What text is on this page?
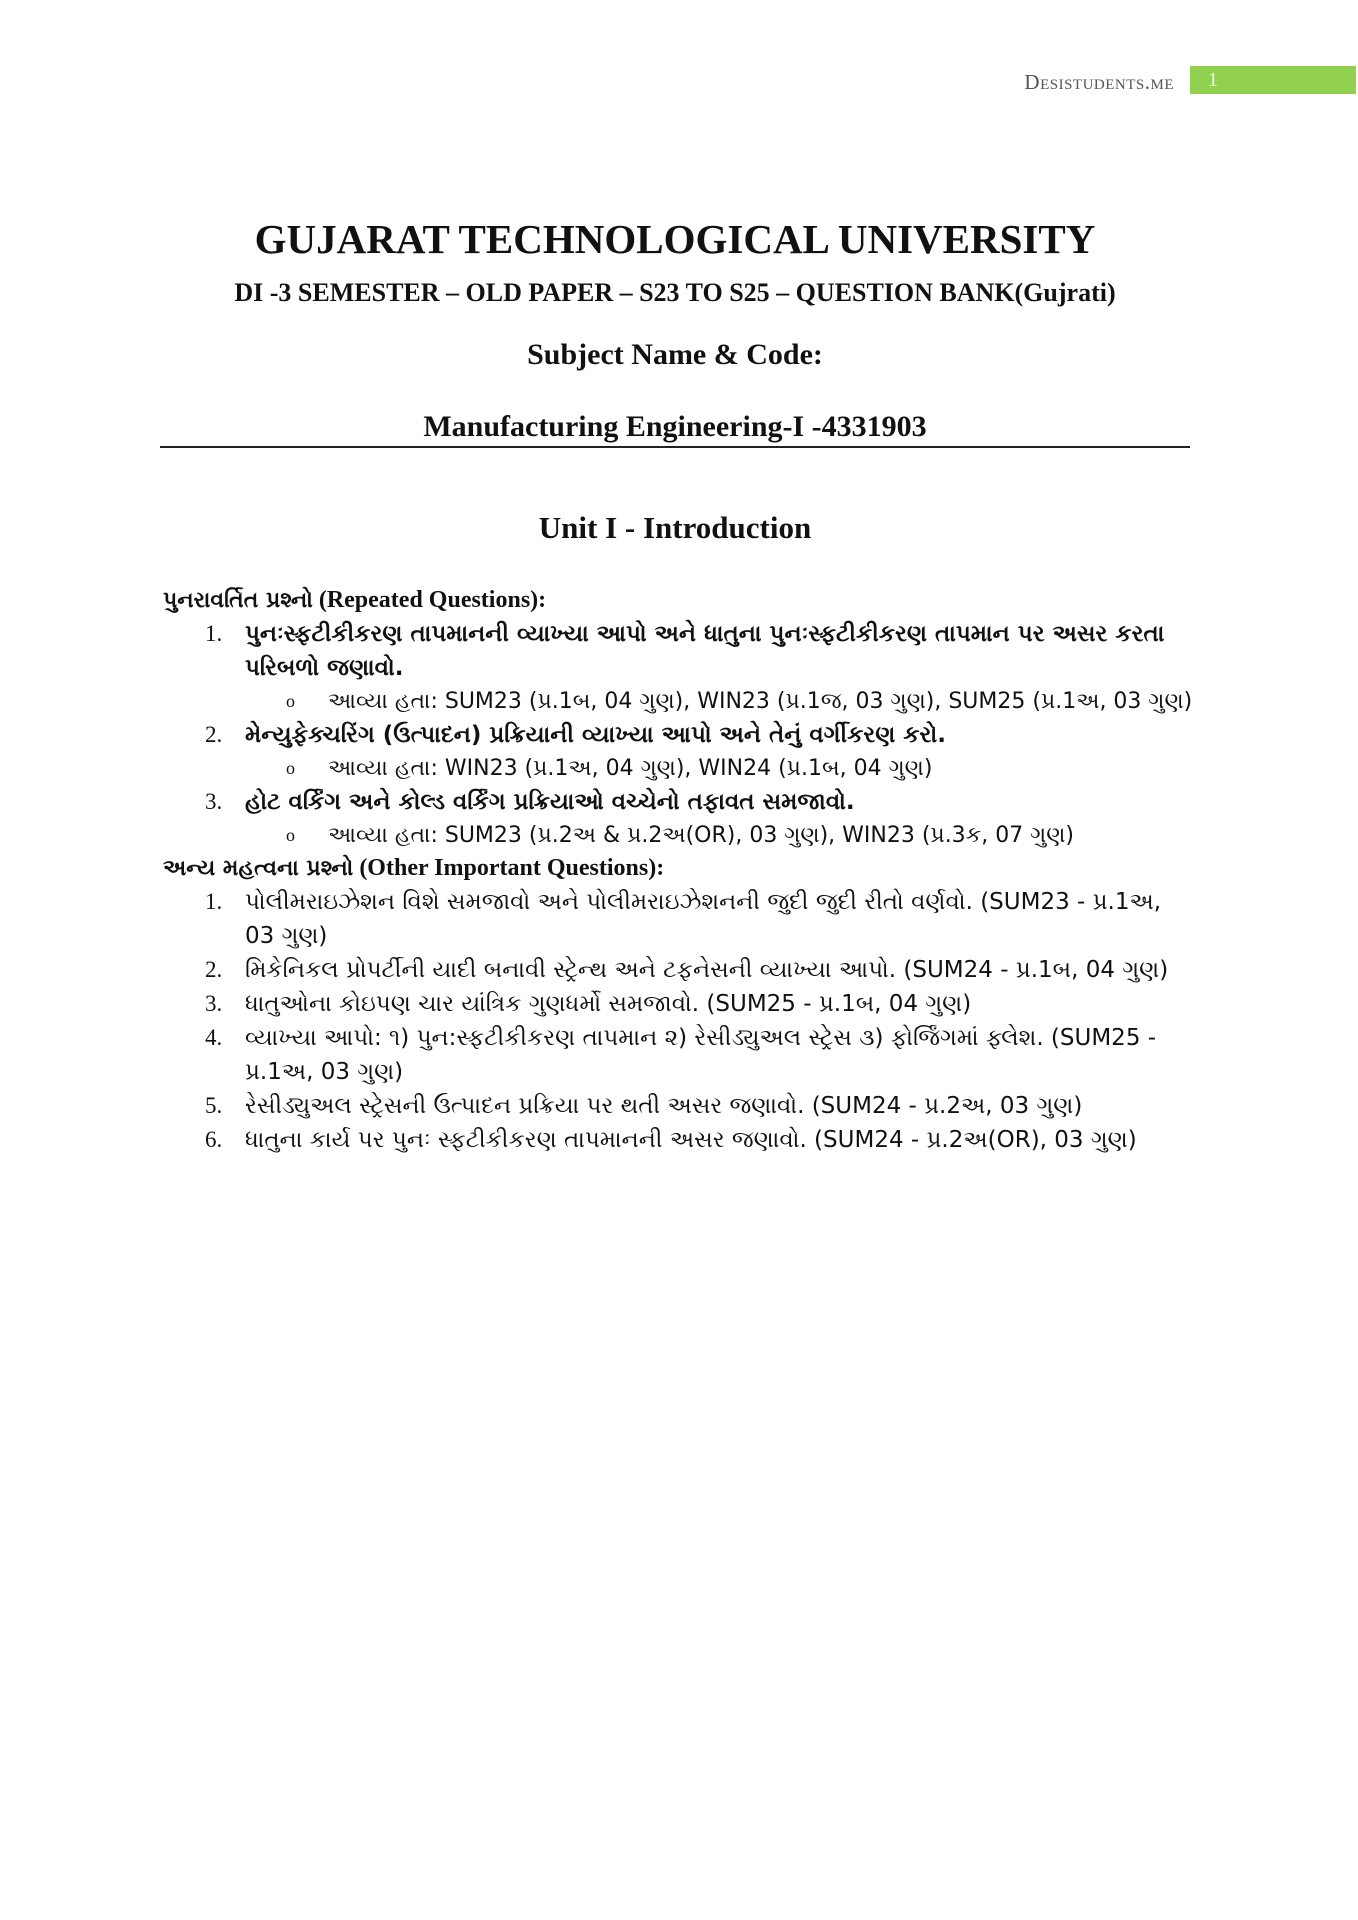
Desistudents.me	1
GUJARAT TECHNOLOGICAL UNIVERSITY

DI -3 SEMESTER – OLD PAPER – S23 TO S25 – QUESTION BANK(Gujrati)

Subject Name & Code:

Manufacturing Engineering-I -4331903

Unit I - Introduction

પુનરાવર્તિત પ્રશ્નો (Repeated Questions):

1. પુનઃસ્ફટીકીકરણ તાપમાનની વ્યાખ્યા આપો અને ધાતુના પુનઃસ્ફટીકીકરણ તાપમાન પર અસર કરતા પરિબળો જણાવો.
o આવ્યા હતા: SUM23 (પ્ર.1બ, 04 ગુણ), WIN23 (પ્ર.1જ, 03 ગુણ), SUM25 (પ્ર.1અ, 03 ગુણ)
2. મેન્યુફેક્ચરિંગ (ઉત્પાદન) પ્રક્રિયાની વ્યાખ્યા આપો અને તેનું વર્ગીકરણ કરો.
o આવ્યા હતા: WIN23 (પ્ર.1અ, 04 ગુણ), WIN24 (પ્ર.1બ, 04 ગુણ)
3. હોટ વર્કિંગ અને કોલ્ડ વર્કિંગ પ્રક્રિયાઓ વચ્ચેનો તફાવત સમજાવો.
o આવ્યા હતા: SUM23 (પ્ર.2અ & પ્ર.2અ(OR), 03 ગુણ), WIN23 (પ્ર.3ક, 07 ગુણ)

અન્ય મહત્વના પ્રશ્નો (Other Important Questions):

1. પોલીમરાઇઝેશન વિશે સમજાવો અને પોલીમરાઇઝેશનની જુદી જુદી રીતો વર્ણવો. (SUM23 - પ્ર.1અ, 03 ગુણ)
2. મિકેનિકલ પ્રોપર્ટીની યાદી બનાવી સ્ટ્રેન્થ અને ટફનેસની વ્યાખ્યા આપો. (SUM24 - પ્ર.1બ, 04 ગુણ)
3. ધાતુઓના કોઇપણ ચાર યાંત્રિક ગુણધર્મો સમજાવો. (SUM25 - પ્ર.1બ, 04 ગુણ)
4. વ્યાખ્યા આપો: ૧) પુન:સ્ફટીકીકરણ તાપમાન ૨) રેસીડ્યુઅલ સ્ટ્રેસ ૩) ફોર્જિંગમાં ફ્લેશ. (SUM25 - પ્ર.1અ, 03 ગુણ)
5. રેસીડ્યુઅલ સ્ટ્રેસની ઉત્પાદન પ્રક્રિયા પર થતી અસર જણાવો. (SUM24 - પ્ર.2અ, 03 ગુણ)
6. ધાતુના કાર્ય પર પુનઃ સ્ફટીકીકરણ તાપમાનની અસર જણાવો. (SUM24 - પ્ર.2અ(OR), 03 ગુણ)
